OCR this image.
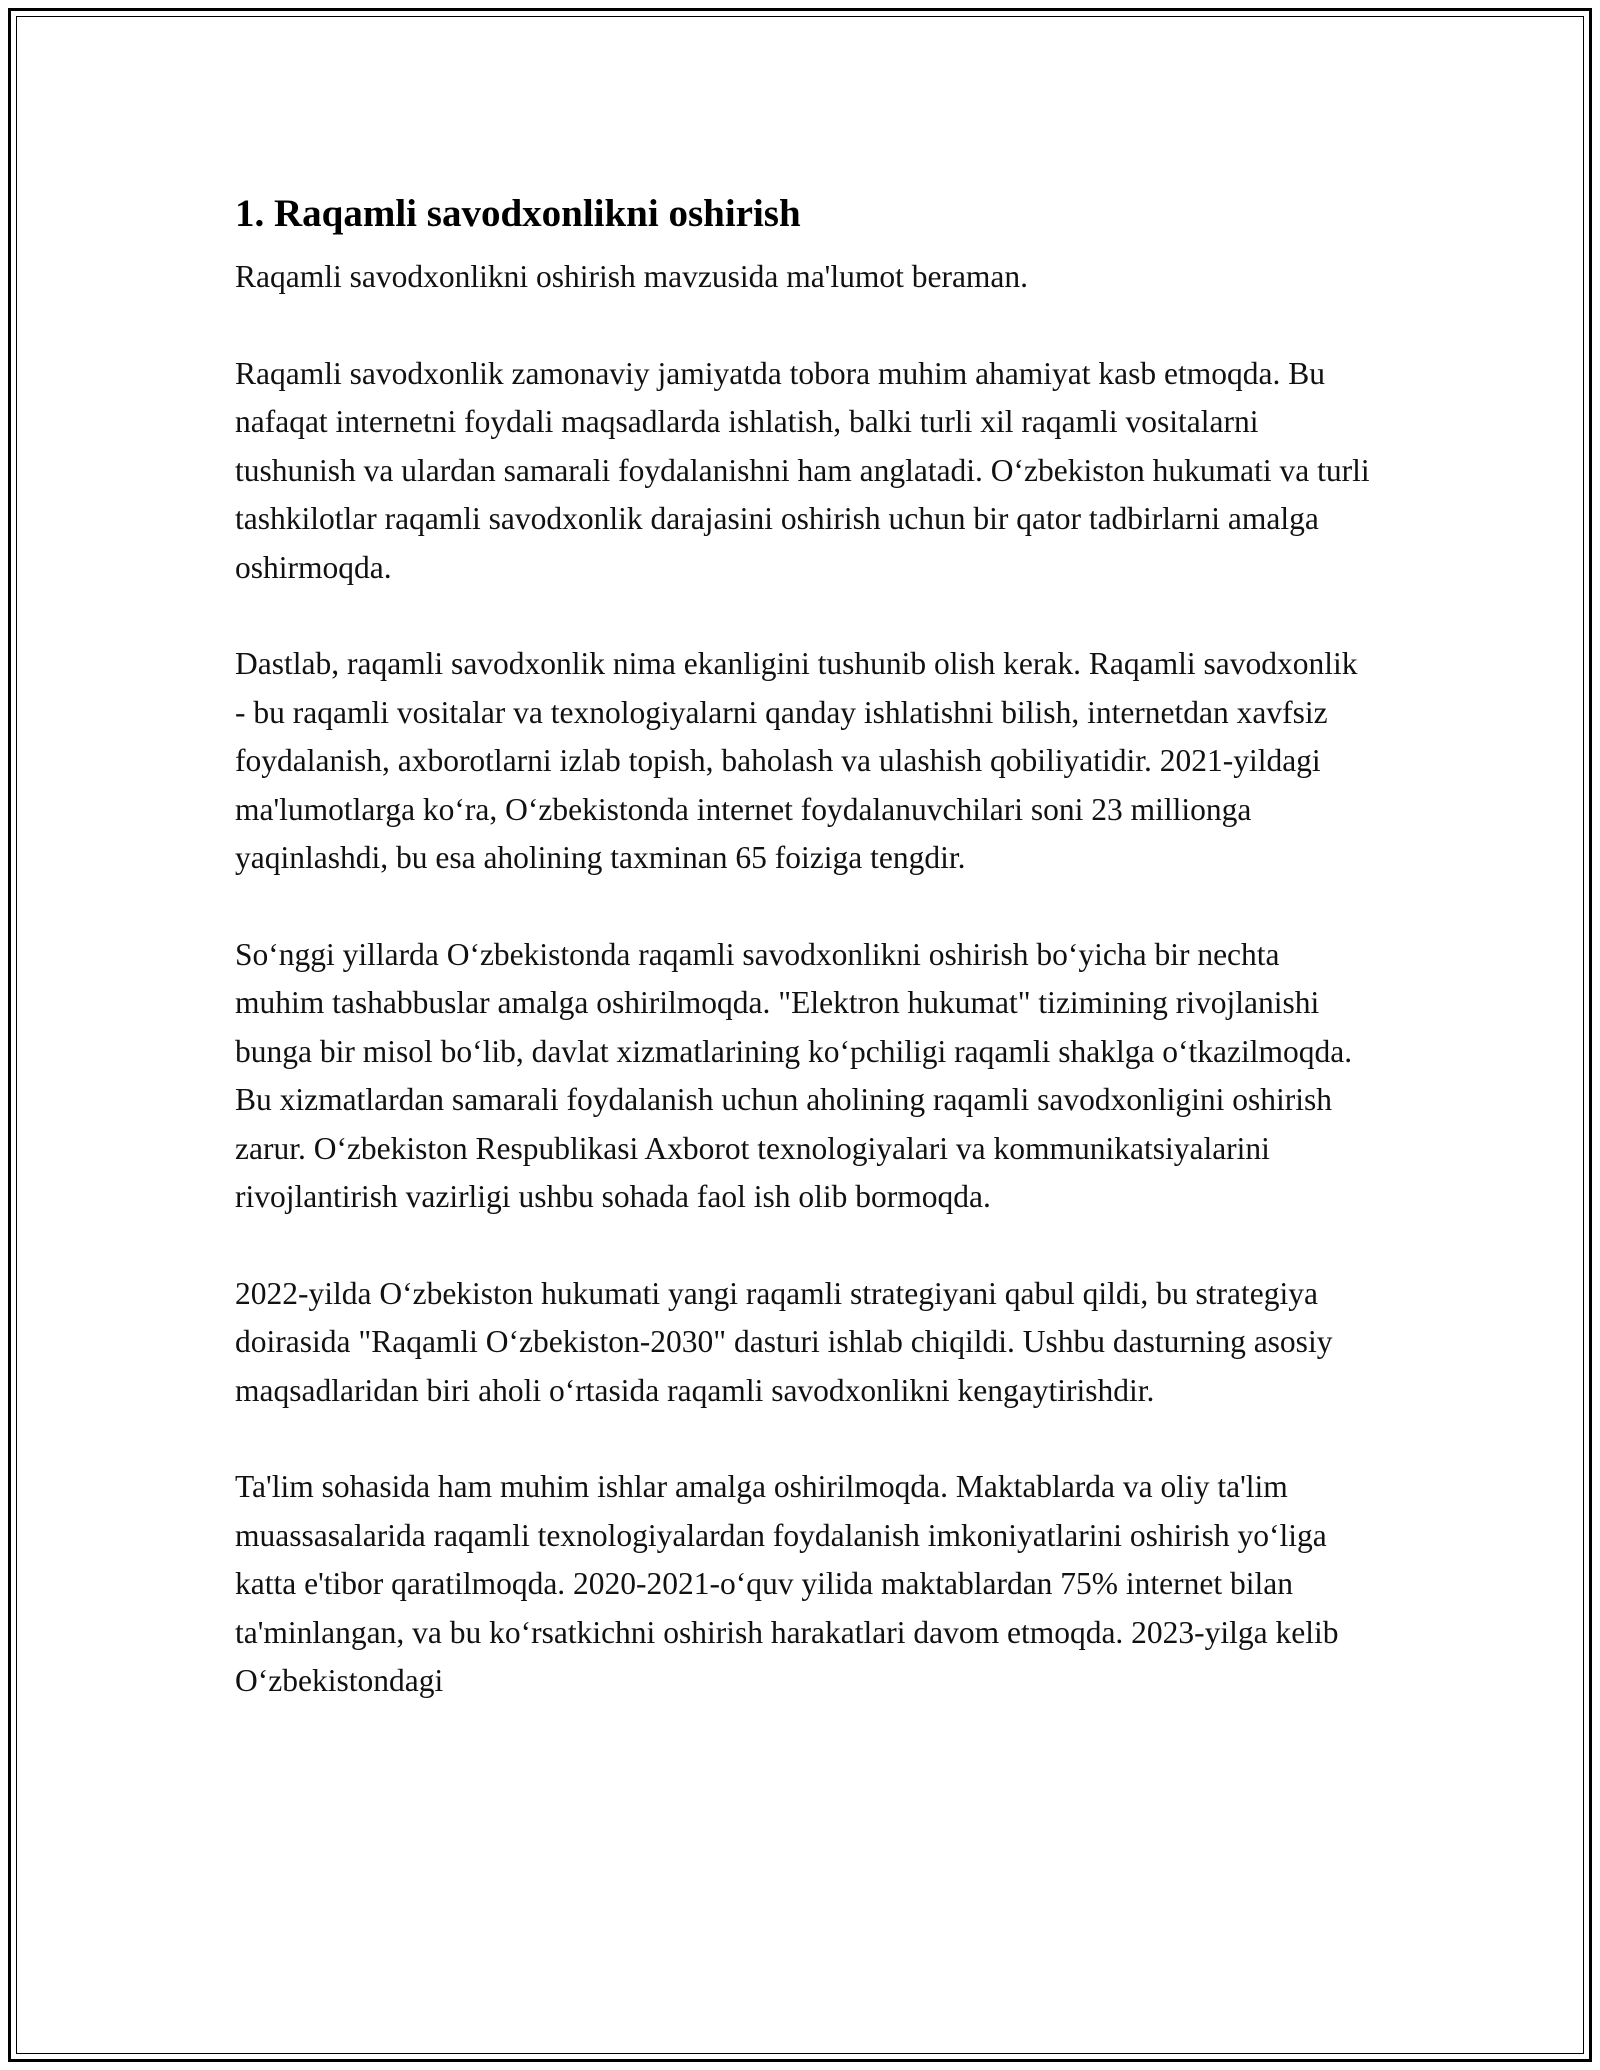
1. Raqamli savodxonlikni oshirish

Raqamli savodxonlikni oshirish mavzusida ma'lumot beraman.

Raqamli savodxonlik zamonaviy jamiyatda tobora muhim ahamiyat kasb etmoqda. Bu nafaqat internetni foydali maqsadlarda ishlatish, balki turli xil raqamli vositalarni tushunish va ulardan samarali foydalanishni ham anglatadi. O‘zbekiston hukumati va turli tashkilotlar raqamli savodxonlik darajasini oshirish uchun bir qator tadbirlarni amalga oshirmoqda.

Dastlab, raqamli savodxonlik nima ekanligini tushunib olish kerak. Raqamli savodxonlik - bu raqamli vositalar va texnologiyalarni qanday ishlatishni bilish, internetdan xavfsiz foydalanish, axborotlarni izlab topish, baholash va ulashish qobiliyatidir. 2021-yildagi ma'lumotlarga ko‘ra, O‘zbekistonda internet foydalanuvchilari soni 23 millionga yaqinlashdi, bu esa aholining taxminan 65 foiziga tengdir.

So‘nggi yillarda O‘zbekistonda raqamli savodxonlikni oshirish bo‘yicha bir nechta muhim tashabbuslar amalga oshirilmoqda. "Elektron hukumat" tizimining rivojlanishi bunga bir misol bo‘lib, davlat xizmatlarining ko‘pchiligi raqamli shaklga o‘tkazilmoqda. Bu xizmatlardan samarali foydalanish uchun aholining raqamli savodxonligini oshirish zarur. O‘zbekiston Respublikasi Axborot texnologiyalari va kommunikatsiyalarini rivojlantirish vazirligi ushbu sohada faol ish olib bormoqda.

2022-yilda O‘zbekiston hukumati yangi raqamli strategiyani qabul qildi, bu strategiya doirasida "Raqamli O‘zbekiston-2030" dasturi ishlab chiqildi. Ushbu dasturning asosiy maqsadlaridan biri aholi o‘rtasida raqamli savodxonlikni kengaytirishdir.

Ta'lim sohasida ham muhim ishlar amalga oshirilmoqda. Maktablarda va oliy ta'lim muassasalarida raqamli texnologiyalardan foydalanish imkoniyatlarini oshirish yo‘liga katta e'tibor qaratilmoqda. 2020-2021-o‘quv yilida maktablardan 75% internet bilan ta'minlangan, va bu ko‘rsatkichni oshirish harakatlari davom etmoqda. 2023-yilga kelib O‘zbekistondagi
